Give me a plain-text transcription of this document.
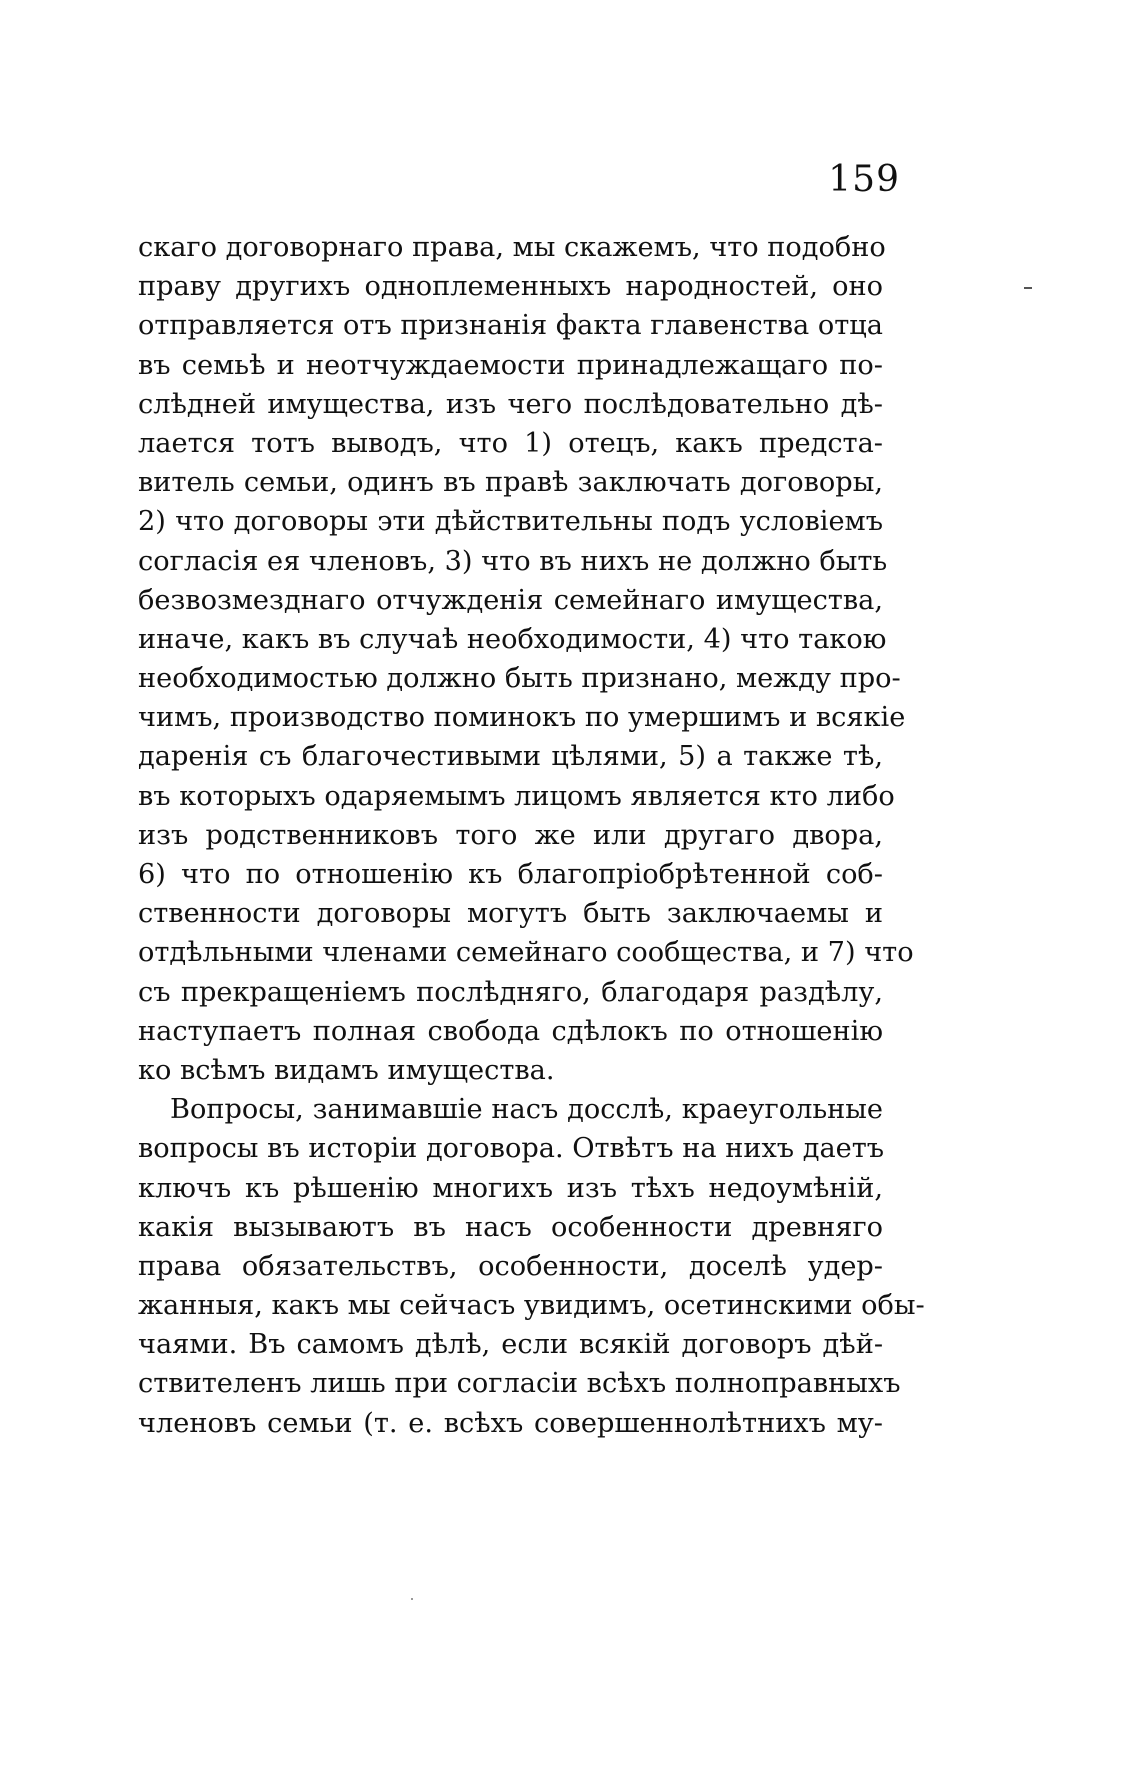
159
скаго договорнаго права, мы скажемъ, что подобно
праву другихъ одноплеменныхъ народностей, оно
отправляется отъ признанія факта главенства отца
въ семьѣ и неотчуждаемости принадлежащаго по-
слѣдней имущества, изъ чего послѣдовательно дѣ-
лается тотъ выводъ, что 1) отецъ, какъ предста-
витель семьи, одинъ въ правѣ заключать договоры,
2) что договоры эти дѣйствительны подъ условіемъ
согласія ея членовъ, 3) что въ нихъ не должно быть
безвозмезднаго отчужденія семейнаго имущества,
иначе, какъ въ случаѣ необходимости, 4) что такою
необходимостью должно быть признано, между про-
чимъ, производство поминокъ по умершимъ и всякіе
даренія съ благочестивыми цѣлями, 5) а также тѣ,
въ которыхъ одаряемымъ лицомъ является кто либо
изъ родственниковъ того же или другаго двора,
6) что по отношенію къ благопріобрѣтенной соб-
ственности договоры могутъ быть заключаемы и
отдѣльными членами семейнаго сообщества, и 7) что
съ прекращеніемъ послѣдняго, благодаря раздѣлу,
наступаетъ полная свобода сдѣлокъ по отношенію
ко всѣмъ видамъ имущества.
Вопросы, занимавшіе насъ досслѣ, краеугольные
вопросы въ исторіи договора. Отвѣтъ на нихъ даетъ
ключъ къ рѣшенію многихъ изъ тѣхъ недоумѣній,
какія вызываютъ въ насъ особенности древняго
права обязательствъ, особенности, доселѣ удер-
жанныя, какъ мы сейчасъ увидимъ, осетинскими обы-
чаями. Въ самомъ дѣлѣ, если всякій договоръ дѣй-
ствителенъ лишь при согласіи всѣхъ полноправныхъ
членовъ семьи (т. е. всѣхъ совершеннолѣтнихъ му-
